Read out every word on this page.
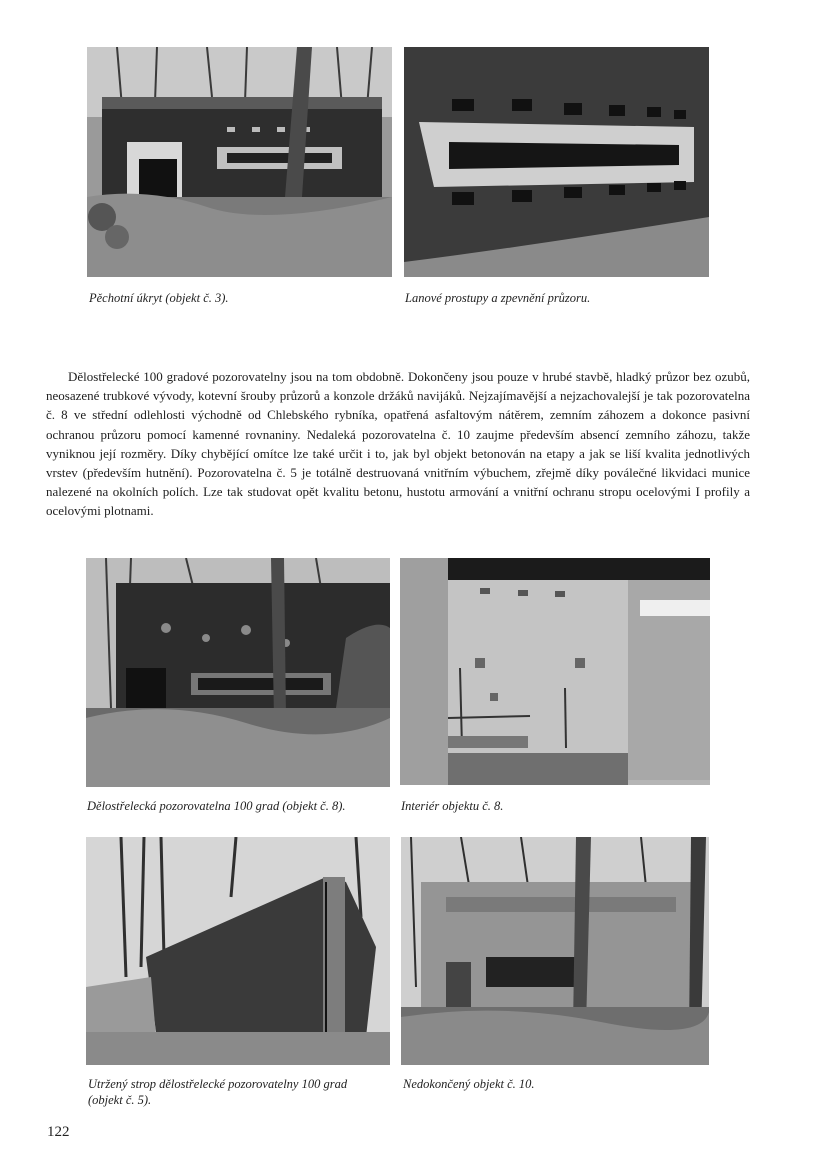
Pěchotní úkryt (objekt č. 3).	Lanové prostupy a zpevnění průzoru.

Dělostřelecké 100 gradové pozorovatelny jsou na tom obdobně. Dokončeny jsou pouze v hrubé stavbě, hladký průzor bez ozubů, neosazené trubkové vývody, kotevní šrouby průzorů a konzole držáků navijáků. Nejzajímavější a nejzachovalejší je tak pozorovatelna č. 8 ve střední odlehlosti východně od Chlebského rybníka, opatřená asfaltovým nátěrem, zemním záhozem a dokonce pasivní ochranou průzoru pomocí kamenné rovnaniny. Nedaleká pozorovatelna č. 10 zaujme především absencí zemního záhozu, takže vyniknou její rozměry. Díky chybějící omítce lze také určit i to, jak byl objekt betonován na etapy a jak se liší kvalita jednotlivých vrstev (především hutnění). Pozorovatelna č. 5 je totálně destruovaná vnitřním výbuchem, zřejmě díky poválečné likvidaci munice nalezené na okolních polích. Lze tak studovat opět kvalitu betonu, hustotu armování a vnitřní ochranu stropu ocelovými I profily a ocelovými plotnami.

Dělostřelecká pozorovatelna 100 grad (objekt č. 8).	Interiér objektu č. 8.
Utržený strop dělostřelecké pozorovatelny 100 grad
(objekt č. 5).
Nedokončený objekt č. 10.
122
